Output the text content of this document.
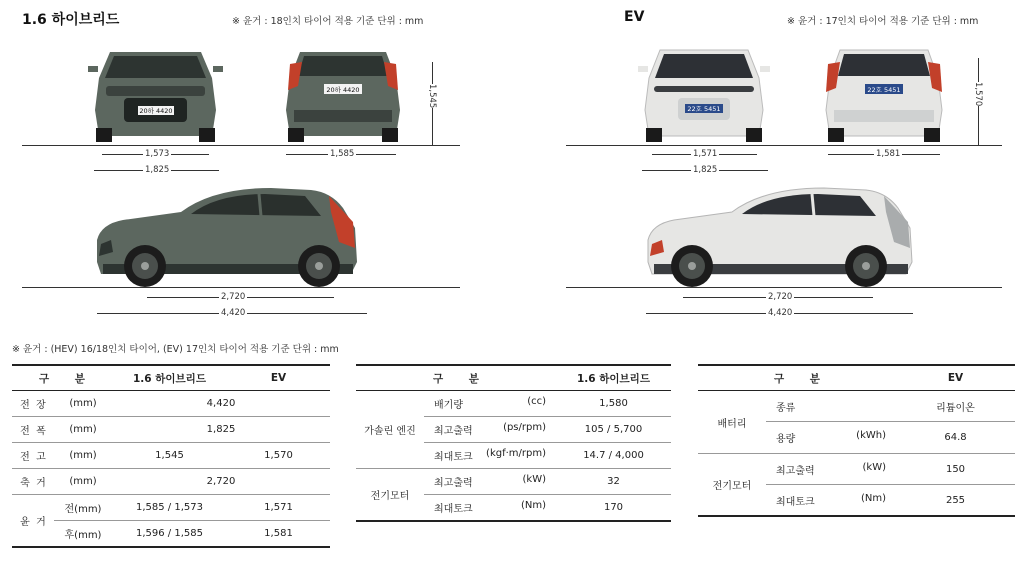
1.6 하이브리드	※ 윤거 : 18인치 타이어 적용 기준 단위 : mm
20하 4420
20하 4420	1,545
1,573
1,825
1,585
2,720
4,420
EV	※ 윤거 : 17인치 타이어 적용 기준 단위 : mm
22호 5451
22호 5451	1,570
1,571
1,825
1,581
2,720
4,420
※ 윤거 : (HEV) 16/18인치 타이어, (EV) 17인치 타이어 적용 기준 단위 : mm
구 분		1.6 하이브리드	EV
전 장	(mm)	4,420	
전 폭	(mm)	1,825	
전 고	(mm)	1,545	1,570
축 거	(mm)	2,720	
윤 거	전(mm)	1,585 / 1,573	1,571
	후(mm)	1,596 / 1,585	1,581
구 분		1.6 하이브리드
가솔린 엔진	배기량 (cc)	1,580
	최고출력 (ps/rpm)	105 / 5,700
	최대토크 (kgf·m/rpm)	14.7 / 4,000
전기모터	최고출력 (kW)	32
	최대토크 (Nm)	170
구 분		EV
배터리	종류	리튬이온
	용량 (kWh)	64.8
전기모터	최고출력 (kW)	150
	최대토크 (Nm)	255
